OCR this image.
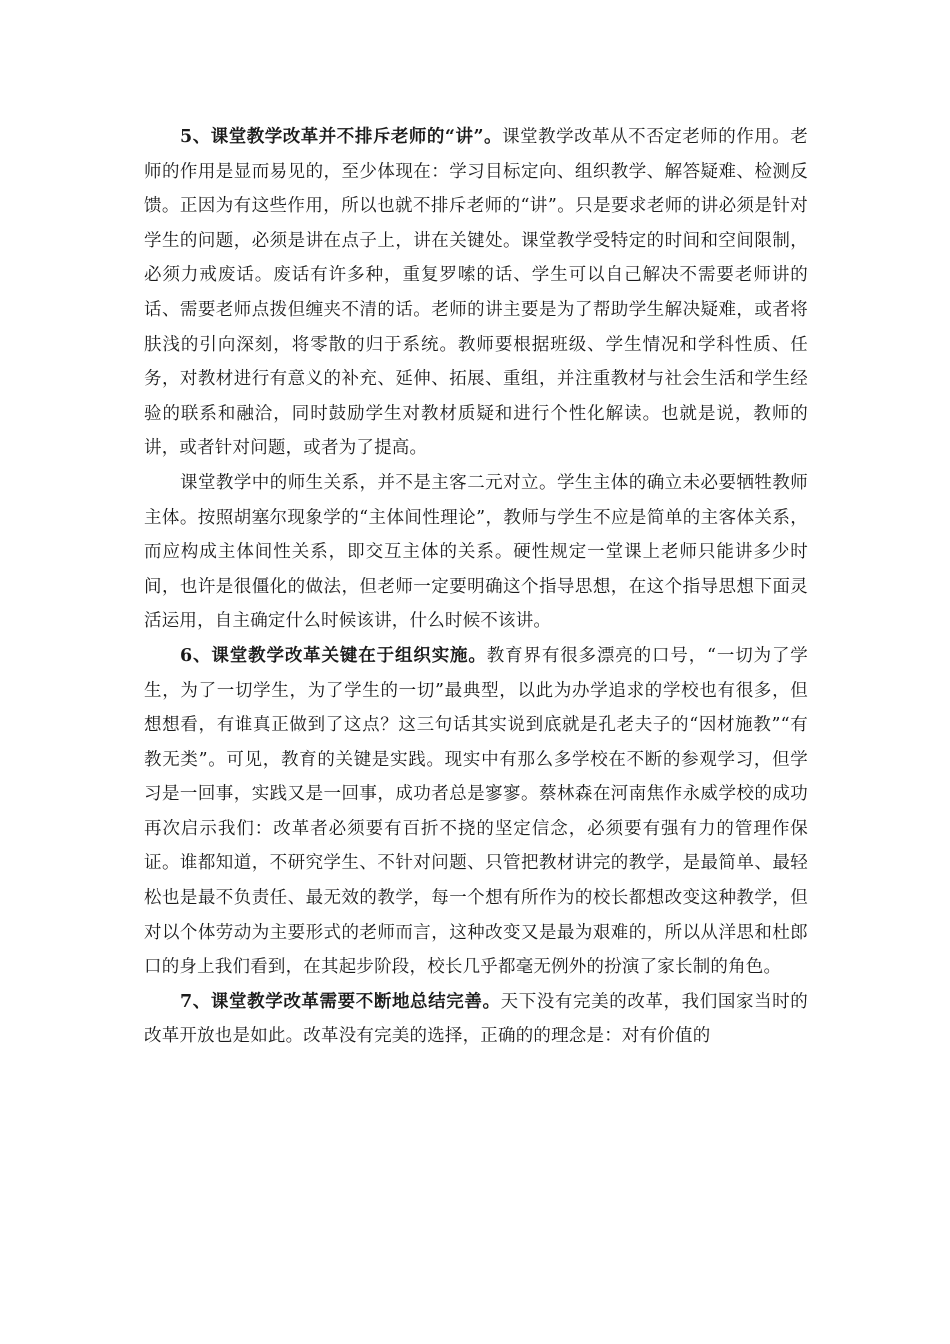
5、课堂教学改革并不排斥老师的“讲”。课堂教学改革从不否定老师的作用。老师的作用是显而易见的，至少体现在：学习目标定向、组织教学、解答疑难、检测反馈。正因为有这些作用，所以也就不排斥老师的“讲”。只是要求老师的讲必须是针对学生的问题，必须是讲在点子上，讲在关键处。课堂教学受特定的时间和空间限制，必须力戒废话。废话有许多种，重复罗嗦的话、学生可以自己解决不需要老师讲的话、需要老师点拨但缠夹不清的话。老师的讲主要是为了帮助学生解决疑难，或者将肤浅的引向深刻，将零散的归于系统。教师要根据班级、学生情况和学科性质、任务，对教材进行有意义的补充、延伸、拓展、重组，并注重教材与社会生活和学生经验的联系和融洽，同时鼓励学生对教材质疑和进行个性化解读。也就是说，教师的讲，或者针对问题，或者为了提高。

课堂教学中的师生关系，并不是主客二元对立。学生主体的确立未必要牺牲教师主体。按照胡塞尔现象学的“主体间性理论”，教师与学生不应是简单的主客体关系，而应构成主体间性关系，即交互主体的关系。硬性规定一堂课上老师只能讲多少时间，也许是很僵化的做法，但老师一定要明确这个指导思想，在这个指导思想下面灵活运用，自主确定什么时候该讲，什么时候不该讲。

6、课堂教学改革关键在于组织实施。教育界有很多漂亮的口号，“一切为了学生，为了一切学生，为了学生的一切”最典型，以此为办学追求的学校也有很多，但想想看，有谁真正做到了这点？这三句话其实说到底就是孔老夫子的“因材施教”“有教无类”。可见，教育的关键是实践。现实中有那么多学校在不断的参观学习，但学习是一回事，实践又是一回事，成功者总是寥寥。蔡林森在河南焦作永威学校的成功再次启示我们：改革者必须要有百折不挠的坚定信念，必须要有强有力的管理作保证。谁都知道，不研究学生、不针对问题、只管把教材讲完的教学，是最简单、最轻松也是最不负责任、最无效的教学，每一个想有所作为的校长都想改变这种教学，但对以个体劳动为主要形式的老师而言，这种改变又是最为艰难的，所以从洋思和杜郎口的身上我们看到，在其起步阶段，校长几乎都毫无例外的扮演了家长制的角色。

7、课堂教学改革需要不断地总结完善。天下没有完美的改革，我们国家当时的改革开放也是如此。改革没有完美的选择，正确的的理念是：对有价值的
